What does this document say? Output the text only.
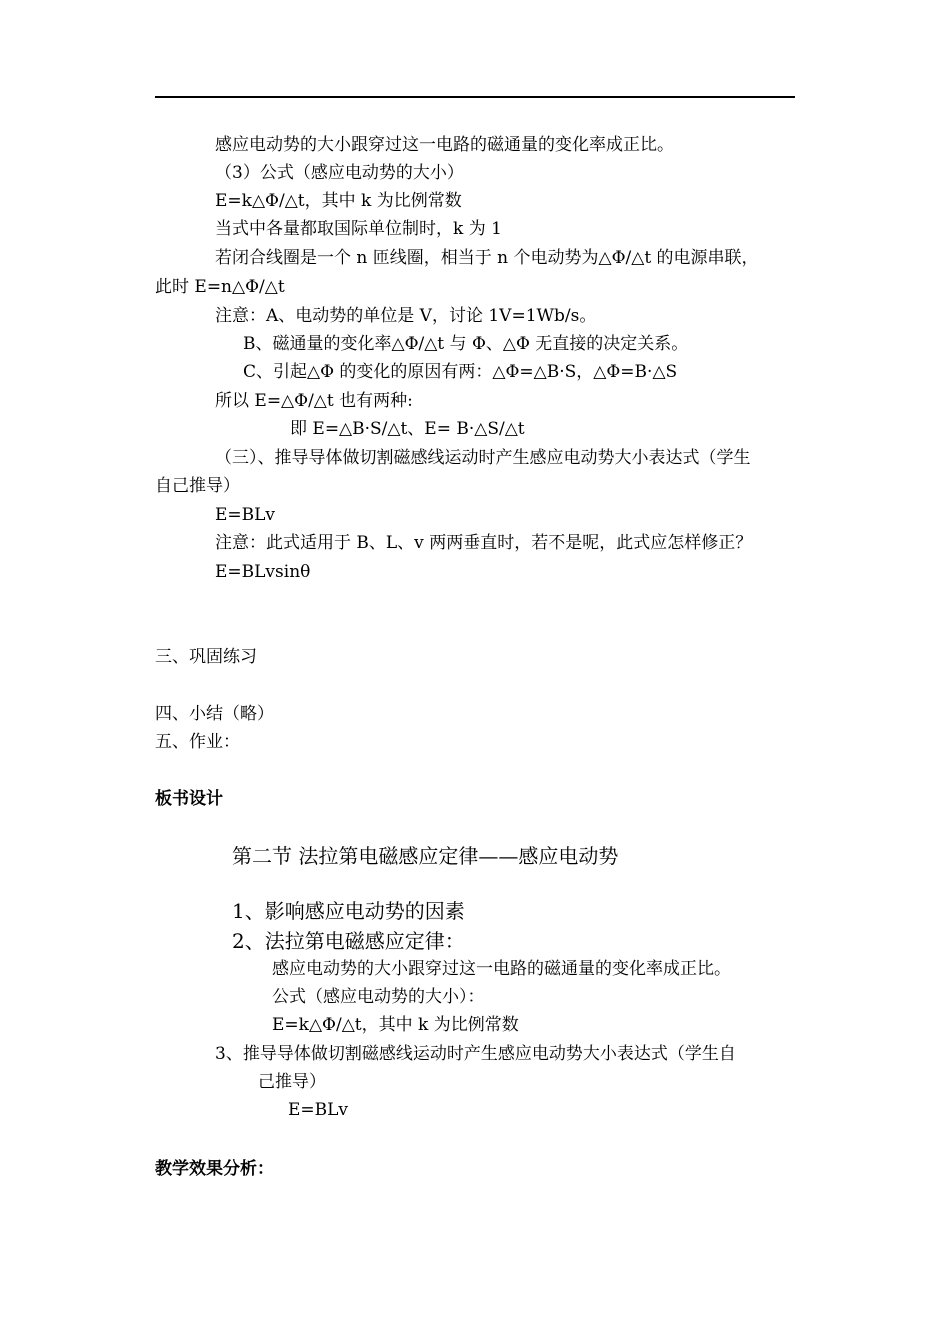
感应电动势的大小跟穿过这一电路的磁通量的变化率成正比。
（3）公式（感应电动势的大小）
E=k△Φ/△t，其中 k 为比例常数
当式中各量都取国际单位制时，k 为 1
若闭合线圈是一个 n 匝线圈，相当于 n 个电动势为△Φ/△t 的电源串联，
此时 E=n△Φ/△t
注意：A、电动势的单位是 V，讨论 1V=1Wb/s。
B、磁通量的变化率△Φ/△t 与 Φ、△Φ 无直接的决定关系。
C、引起△Φ 的变化的原因有两：△Φ=△B·S，△Φ=B·△S
所以 E=△Φ/△t 也有两种:
即 E=△B·S/△t、E= B·△S/△t
（三）、推导导体做切割磁感线运动时产生感应电动势大小表达式（学生
自己推导）
E=BLv
注意：此式适用于 B、L、v 两两垂直时，若不是呢，此式应怎样修正？
E=BLvsinθ
三、巩固练习
四、小结（略）
五、作业：
板书设计
第二节 法拉第电磁感应定律——感应电动势
1、影响感应电动势的因素
2、法拉第电磁感应定律：
感应电动势的大小跟穿过这一电路的磁通量的变化率成正比。
公式（感应电动势的大小）：
E=k△Φ/△t，其中 k 为比例常数
3、推导导体做切割磁感线运动时产生感应电动势大小表达式（学生自
己推导）
E=BLv
教学效果分析：
